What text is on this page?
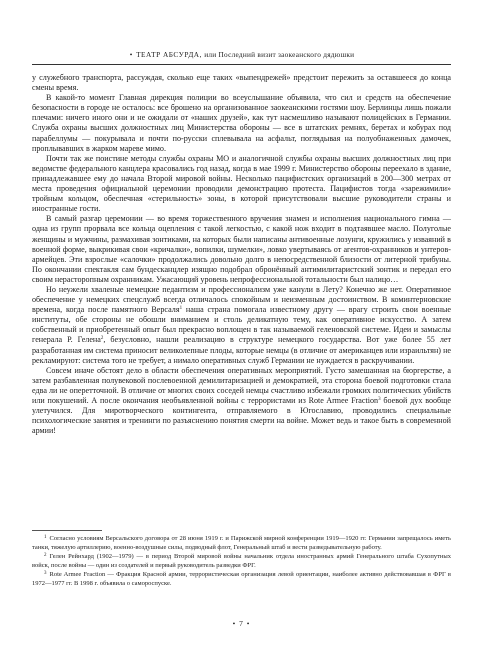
• ТЕАТР АБСУРДА, или Последний визит заокеанского дядюшки

у служебного транспорта, рассуждая, сколько еще таких «выпендрежей» предстоит пережить за оставшееся до конца смены время.

В какой-то момент Главная дирекция полиции во всеуслышание объявила, что сил и средств на обеспечение безопасности в городе не осталось: все брошено на организованное заокеанскими гостями шоу. Берлинцы лишь пожали плечами: ничего иного они и не ожидали от «наших друзей», как тут насмешливо называют полицейских в Германии. Служба охраны высших должностных лиц Министерства обороны — все в штатских ремнях, беретах и кобурах под парабеллумы — покурывала и почти по-русски сплевывала на асфальт, поглядывая на полуобнаженных дамочек, проплывавших в жарком мареве мимо.

Почти так же поистине методы службы охраны МО и аналогичной службы охраны высших должностных лиц при ведомстве федерального канцлера красовались год назад, когда в мае 1999 г. Министерство обороны переехало в здание, принадлежавшее ему до начала Второй мировой войны. Несколько пацифистских организаций в 200—300 метрах от места проведения официальной церемонии проводили демонстрацию протеста. Пацифистов тогда «зарежимили» тройным кольцом, обеспечная «стерильность» зоны, в которой присутствовали высшие руководители страны и иностранные гости.

В самый разгар церемонии — во время торжественного вручения знамен и исполнения национального гимна — одна из групп прорвала все кольца оцепления с такой легкостью, с какой нож входит в подтаявшее масло. Полуголые женщины и мужчины, размахивая зонтиками, на которых были написаны антивоенные лозунги, кружились у изваяний в военной форме, выкрикивая свои «кричалки», вопилки, шумелки», ловко увертываясь от агентов-охранников и унтеров-армейцев. Эти взрослые «салочки» продолжались довольно долго в непосредственной близости от литерной трибуны. По окончании спектакля сам бундесканцлер изящно подобрал обронённый антимилитаристский зонтик и передал его своим нерасторопным охранникам. Ужасающий уровень непрофессиональной тотальности был налицо…

Но неужели хваленые немецкие педантизм и профессионализм уже канули в Лету? Конечно же нет. Оперативное обеспечение у немецких спецслужб всегда отличалось спокойным и неизменным достоинством. В коминтерновские времена, когда после памятного Версаля$^1$ наша страна помогала известному другу — врагу строить свои военные институты, обе стороны не обошли вниманием и столь деликатную тему, как оперативное искусство. А затем собственный и приобретенный опыт был прекрасно воплощен в так называемой геленовской системе. Идеи и замыслы генерала Р. Гелена$^2$, безусловно, нашли реализацию в структуре немецкого государства. Вот уже более 55 лет разработанная им система приносит великолепные плоды, которые немцы (в отличие от американцев или израильтян) не рекламируют: система того не требует, а нимало оперативных служб Германии не нуждается в раскручивании.

Совсем иначе обстоят дело в области обеспечения оперативных мероприятий. Густо замешанная на бюргерстве, а затем разбавленная полувековой послевоенной демилитаризацией и демократией, эта сторона боевой подготовки стала едва ли не оперетточной. В отличие от многих своих соседей немцы счастливо избежали громких политических убийств или покушений. А после окончания необъявленной войны с террористами из Rote Armee Fraction$^3$ боевой дух вообще улетучился. Для миротворческого контингента, отправляемого в Югославию, проводились специальные психологические занятия и тренинги по разъяснению понятия смерти на войне. Может ведь и такое быть в современной армии!

$^1$ Согласно условиям Версальского договора от 28 июня 1919 г. и Парижской мирной конференции 1919—1920 гг. Германии запрещалось иметь танки, тяжелую артиллерию, военно-воздушные силы, подводный флот, Генеральный штаб и вести разведывательную работу.

$^2$ Гелен Рейнхард (1902—1979) — в период Второй мировой войны начальник отдела иностранных армий Генерального штаба Сухопутных войск, после войны — один из создателей и первый руководитель разведки ФРГ.

$^3$ Rote Armee Fraction — Фракция Красной армии, террористическая организация левой ориентации, наиболее активно действовавшая в ФРГ в 1972—1977 гг. В 1998 г. объявила о самороспуске.

• 7 •
